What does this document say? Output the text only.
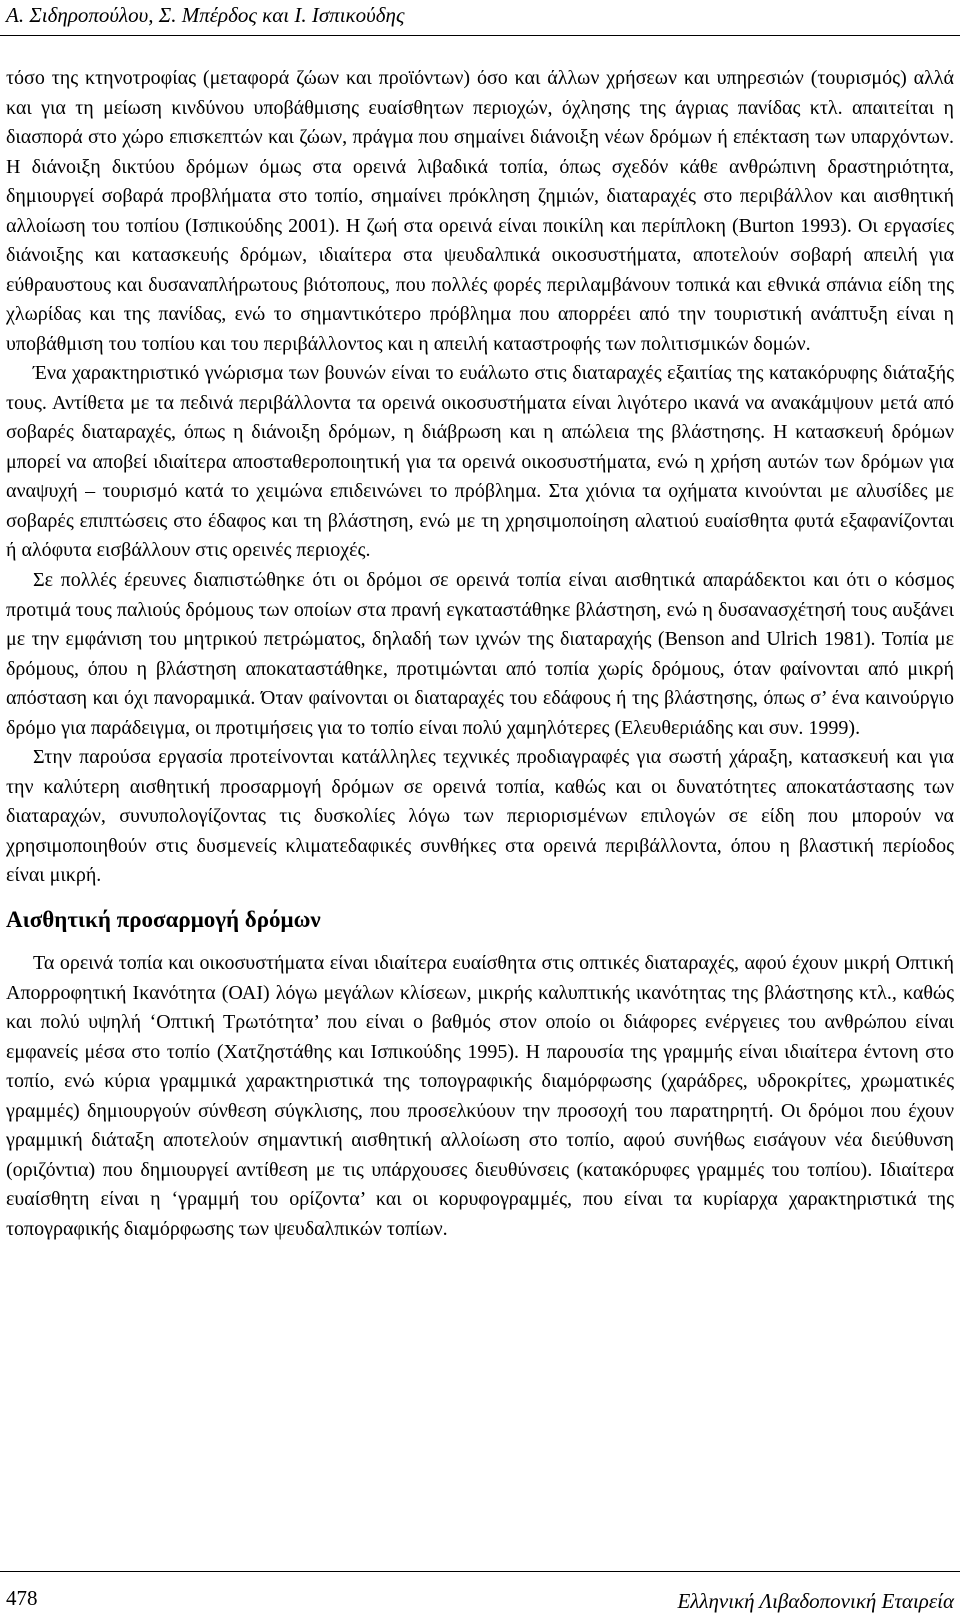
Α. Σιδηροπούλου, Σ. Μπέρδος και Ι. Ισπικούδης

τόσο της κτηνοτροφίας (μεταφορά ζώων και προϊόντων) όσο και άλλων χρήσεων και υπηρεσιών (τουρισμός) αλλά και για τη μείωση κινδύνου υποβάθμισης ευαίσθητων περιοχών, όχλησης της άγριας πανίδας κτλ. απαιτείται η διασπορά στο χώρο επισκεπτών και ζώων, πράγμα που σημαίνει διάνοιξη νέων δρόμων ή επέκταση των υπαρχόντων. Η διάνοιξη δικτύου δρόμων όμως στα ορεινά λιβαδικά τοπία, όπως σχεδόν κάθε ανθρώπινη δραστηριότητα, δημιουργεί σοβαρά προβλήματα στο τοπίο, σημαίνει πρόκληση ζημιών, διαταραχές στο περιβάλλον και αισθητική αλλοίωση του τοπίου (Ισπικούδης 2001). Η ζωή στα ορεινά είναι ποικίλη και περίπλοκη (Burton 1993). Οι εργασίες διάνοιξης και κατασκευής δρόμων, ιδιαίτερα στα ψευδαλπικά οικοσυστήματα, αποτελούν σοβαρή απειλή για εύθραυστους και δυσαναπλήρωτους βιότοπους, που πολλές φορές περιλαμβάνουν τοπικά και εθνικά σπάνια είδη της χλωρίδας και της πανίδας, ενώ το σημαντικότερο πρόβλημα που απορρέει από την τουριστική ανάπτυξη είναι η υποβάθμιση του τοπίου και του περιβάλλοντος και η απειλή καταστροφής των πολιτισμικών δομών.

Ένα χαρακτηριστικό γνώρισμα των βουνών είναι το ευάλωτο στις διαταραχές εξαιτίας της κατακόρυφης διάταξής τους. Αντίθετα με τα πεδινά περιβάλλοντα τα ορεινά οικοσυστήματα είναι λιγότερο ικανά να ανακάμψουν μετά από σοβαρές διαταραχές, όπως η διάνοιξη δρόμων, η διάβρωση και η απώλεια της βλάστησης. Η κατασκευή δρόμων μπορεί να αποβεί ιδιαίτερα αποσταθεροποιητική για τα ορεινά οικοσυστήματα, ενώ η χρήση αυτών των δρόμων για αναψυχή – τουρισμό κατά το χειμώνα επιδεινώνει το πρόβλημα. Στα χιόνια τα οχήματα κινούνται με αλυσίδες με σοβαρές επιπτώσεις στο έδαφος και τη βλάστηση, ενώ με τη χρησιμοποίηση αλατιού ευαίσθητα φυτά εξαφανίζονται ή αλόφυτα εισβάλλουν στις ορεινές περιοχές.

Σε πολλές έρευνες διαπιστώθηκε ότι οι δρόμοι σε ορεινά τοπία είναι αισθητικά απαράδεκτοι και ότι ο κόσμος προτιμά τους παλιούς δρόμους των οποίων στα πρανή εγκαταστάθηκε βλάστηση, ενώ η δυσανασχέτησή τους αυξάνει με την εμφάνιση του μητρικού πετρώματος, δηλαδή των ιχνών της διαταραχής (Benson and Ulrich 1981). Τοπία με δρόμους, όπου η βλάστηση αποκαταστάθηκε, προτιμώνται από τοπία χωρίς δρόμους, όταν φαίνονται από μικρή απόσταση και όχι πανοραμικά. Όταν φαίνονται οι διαταραχές του εδάφους ή της βλάστησης, όπως σ’ ένα καινούργιο δρόμο για παράδειγμα, οι προτιμήσεις για το τοπίο είναι πολύ χαμηλότερες (Ελευθεριάδης και συν. 1999).

Στην παρούσα εργασία προτείνονται κατάλληλες τεχνικές προδιαγραφές για σωστή χάραξη, κατασκευή και για την καλύτερη αισθητική προσαρμογή δρόμων σε ορεινά τοπία, καθώς και οι δυνατότητες αποκατάστασης των διαταραχών, συνυπολογίζοντας τις δυσκολίες λόγω των περιορισμένων επιλογών σε είδη που μπορούν να χρησιμοποιηθούν στις δυσμενείς κλιματεδαφικές συνθήκες στα ορεινά περιβάλλοντα, όπου η βλαστική περίοδος είναι μικρή.

Αισθητική προσαρμογή δρόμων

Τα ορεινά τοπία και οικοσυστήματα είναι ιδιαίτερα ευαίσθητα στις οπτικές διαταραχές, αφού έχουν μικρή Οπτική Απορροφητική Ικανότητα (ΟΑΙ) λόγω μεγάλων κλίσεων, μικρής καλυπτικής ικανότητας της βλάστησης κτλ., καθώς και πολύ υψηλή ‘Οπτική Τρωτότητα’ που είναι ο βαθμός στον οποίο οι διάφορες ενέργειες του ανθρώπου είναι εμφανείς μέσα στο τοπίο (Χατζηστάθης και Ισπικούδης 1995). Η παρουσία της γραμμής είναι ιδιαίτερα έντονη στο τοπίο, ενώ κύρια γραμμικά χαρακτηριστικά της τοπογραφικής διαμόρφωσης (χαράδρες, υδροκρίτες, χρωματικές γραμμές) δημιουργούν σύνθεση σύγκλισης, που προσελκύουν την προσοχή του παρατηρητή. Οι δρόμοι που έχουν γραμμική διάταξη αποτελούν σημαντική αισθητική αλλοίωση στο τοπίο, αφού συνήθως εισάγουν νέα διεύθυνση (οριζόντια) που δημιουργεί αντίθεση με τις υπάρχουσες διευθύνσεις (κατακόρυφες γραμμές του τοπίου). Ιδιαίτερα ευαίσθητη είναι η ‘γραμμή του ορίζοντα’ και οι κορυφογραμμές, που είναι τα κυρίαρχα χαρακτηριστικά της τοπογραφικής διαμόρφωσης των ψευδαλπικών τοπίων.

478	Ελληνική Λιβαδοπονική Εταιρεία
